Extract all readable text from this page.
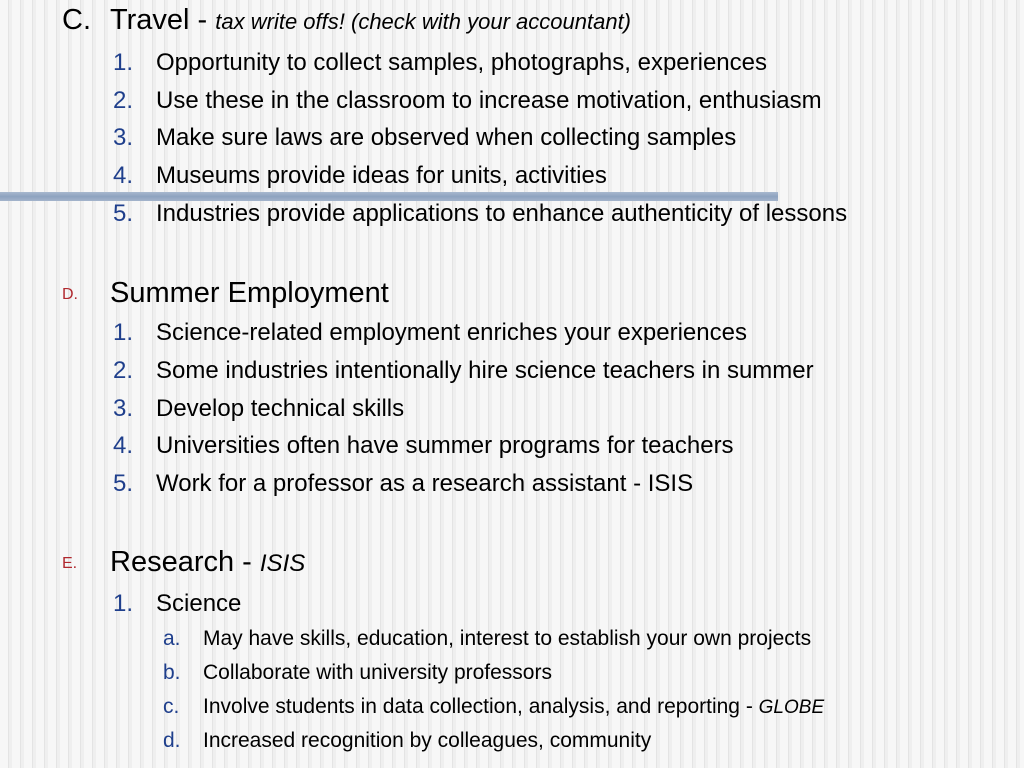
C. Travel - tax write offs! (check with your accountant)
1. Opportunity to collect samples, photographs, experiences
2. Use these in the classroom to increase motivation, enthusiasm
3. Make sure laws are observed when collecting samples
4. Museums provide ideas for units, activities
5. Industries provide applications to enhance authenticity of lessons
D. Summer Employment
1. Science-related employment enriches your experiences
2. Some industries intentionally hire science teachers in summer
3. Develop technical skills
4. Universities often have summer programs for teachers
5. Work for a professor as a research assistant - ISIS
E. Research - ISIS
1. Science
a. May have skills, education, interest to establish your own projects
b. Collaborate with university professors
c. Involve students in data collection, analysis, and reporting - GLOBE
d. Increased recognition by colleagues, community
